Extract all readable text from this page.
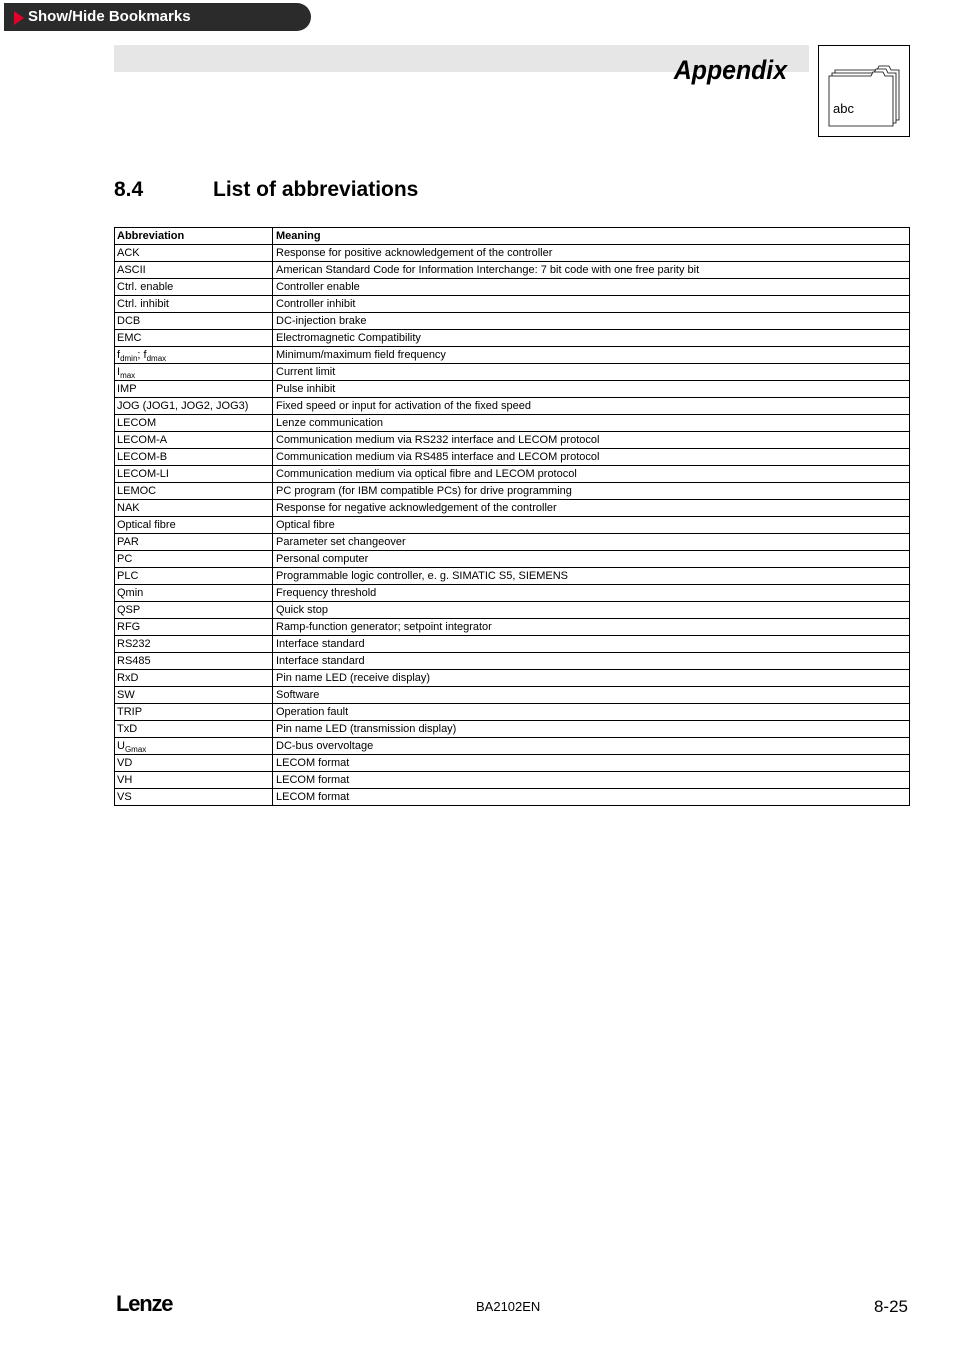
Show/Hide Bookmarks
Appendix
abc
8.4	List of abbreviations
Abbreviation	Meaning
ACK	Response for positive acknowledgement of the controller
ASCII	American Standard Code for Information Interchange: 7 bit code with one free parity bit
Ctrl. enable	Controller enable
Ctrl. inhibit	Controller inhibit
DCB	DC-injection brake
EMC	Electromagnetic Compatibility
$f_{dmin}$; $f_{dmax}$	Minimum/maximum field frequency
$I_{max}$	Current limit
IMP	Pulse inhibit
JOG (JOG1, JOG2, JOG3)	Fixed speed or input for activation of the fixed speed
LECOM	Lenze communication
LECOM-A	Communication medium via RS232 interface and LECOM protocol
LECOM-B	Communication medium via RS485 interface and LECOM protocol
LECOM-LI	Communication medium via optical fibre and LECOM protocol
LEMOC	PC program (for IBM compatible PCs) for drive programming
NAK	Response for negative acknowledgement of the controller
Optical fibre	Optical fibre
PAR	Parameter set changeover
PC	Personal computer
PLC	Programmable logic controller, e. g. SIMATIC S5, SIEMENS
Qmin	Frequency threshold
QSP	Quick stop
RFG	Ramp-function generator; setpoint integrator
RS232	Interface standard
RS485	Interface standard
RxD	Pin name LED (receive display)
SW	Software
TRIP	Operation fault
TxD	Pin name LED (transmission display)
$U_{Gmax}$	DC-bus overvoltage
VD	LECOM format
VH	LECOM format
VS	LECOM format
Lenze	BA2102EN	8-25
